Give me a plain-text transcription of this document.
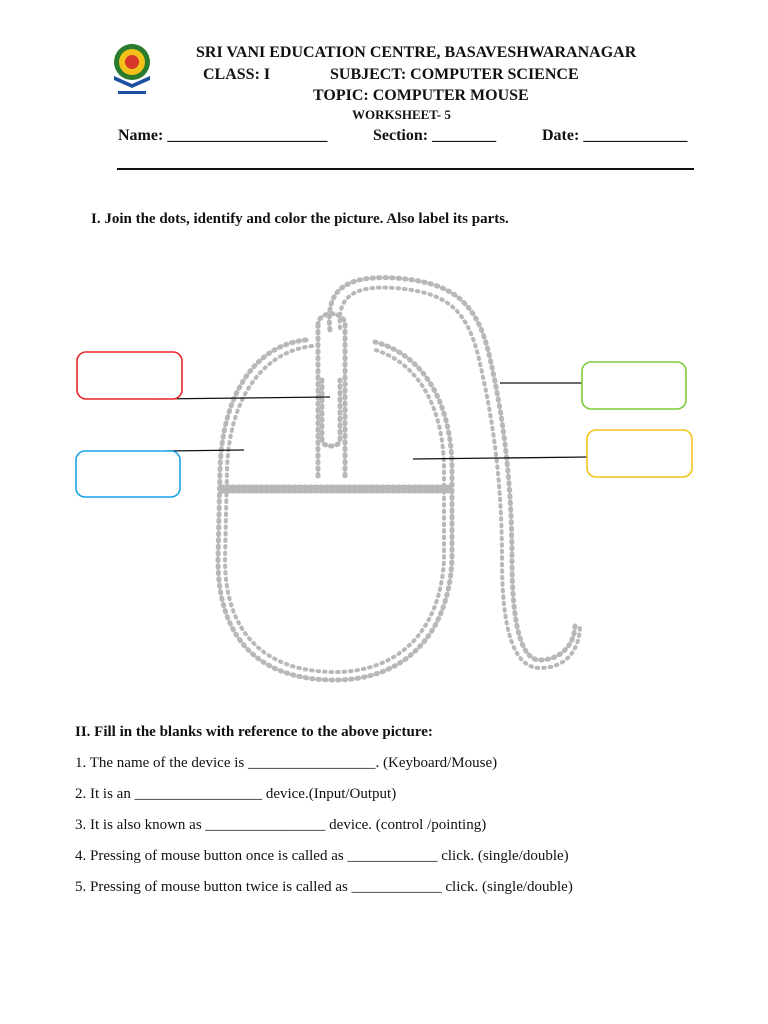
SRI VANI EDUCATION CENTRE, BASAVESHWARANAGAR
CLASS: I	SUBJECT: COMPUTER SCIENCE
TOPIC: COMPUTER MOUSE
WORKSHEET- 5
Name: ____________________	Section: ________	Date: _____________
I. Join the dots, identify and color the picture. Also label its parts.
II. Fill in the blanks with reference to the above picture:
1. The name of the device is _________________. (Keyboard/Mouse)
2. It is an _________________ device.(Input/Output)
3. It is also known as ________________ device. (control /pointing)
4. Pressing of mouse button once is called as ____________ click. (single/double)
5. Pressing of mouse button twice is called as ____________ click. (single/double)
